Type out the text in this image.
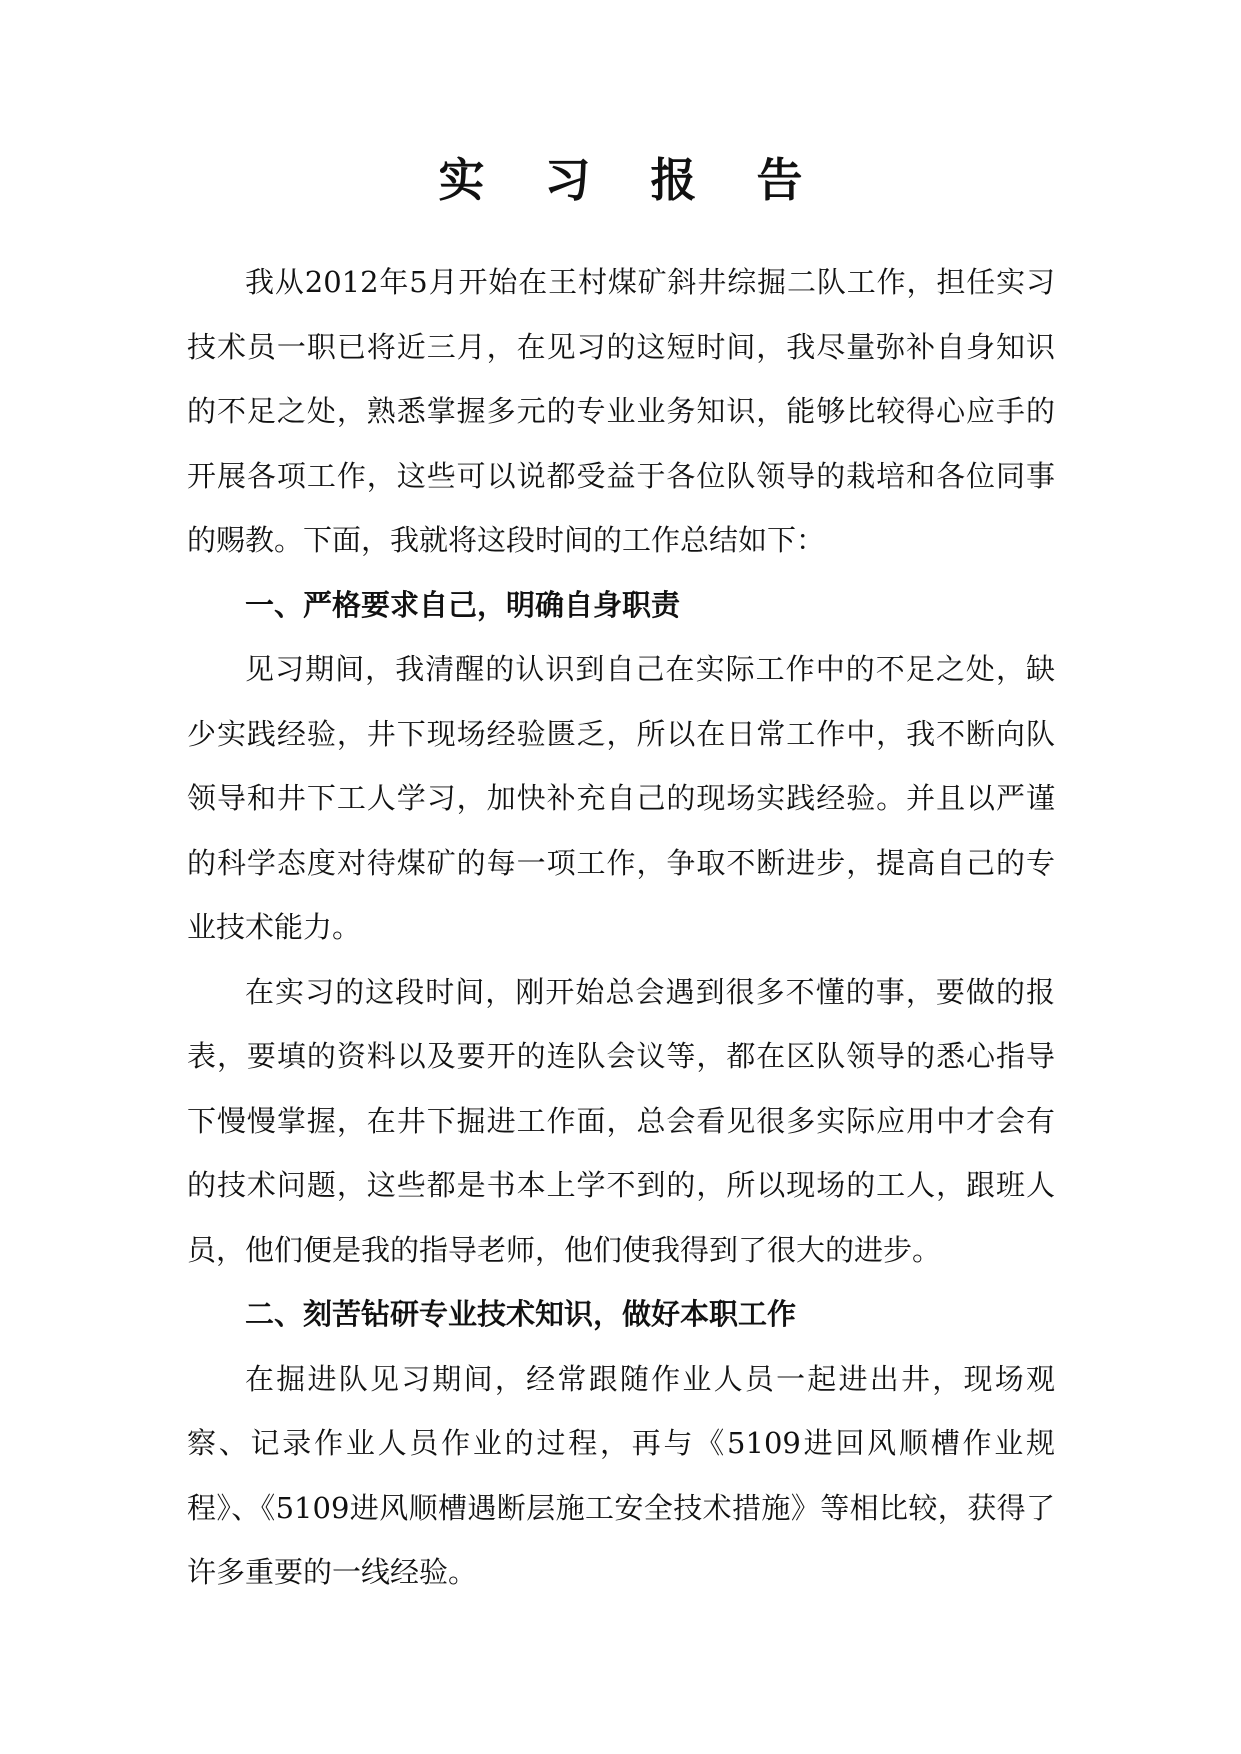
实 习 报 告

我从2012年5月开始在王村煤矿斜井综掘二队工作，担任实习技术员一职已将近三月，在见习的这短时间，我尽量弥补自身知识的不足之处，熟悉掌握多元的专业业务知识，能够比较得心应手的开展各项工作，这些可以说都受益于各位队领导的栽培和各位同事的赐教。下面，我就将这段时间的工作总结如下：

一、严格要求自己，明确自身职责

见习期间，我清醒的认识到自己在实际工作中的不足之处，缺少实践经验，井下现场经验匮乏，所以在日常工作中，我不断向队领导和井下工人学习，加快补充自己的现场实践经验。并且以严谨的科学态度对待煤矿的每一项工作，争取不断进步，提高自己的专业技术能力。

在实习的这段时间，刚开始总会遇到很多不懂的事，要做的报表，要填的资料以及要开的连队会议等，都在区队领导的悉心指导下慢慢掌握，在井下掘进工作面，总会看见很多实际应用中才会有的技术问题，这些都是书本上学不到的，所以现场的工人，跟班人员，他们便是我的指导老师，他们使我得到了很大的进步。

二、刻苦钻研专业技术知识，做好本职工作

在掘进队见习期间，经常跟随作业人员一起进出井，现场观察、记录作业人员作业的过程，再与《5109进回风顺槽作业规程》、《5109进风顺槽遇断层施工安全技术措施》等相比较，获得了许多重要的一线经验。
